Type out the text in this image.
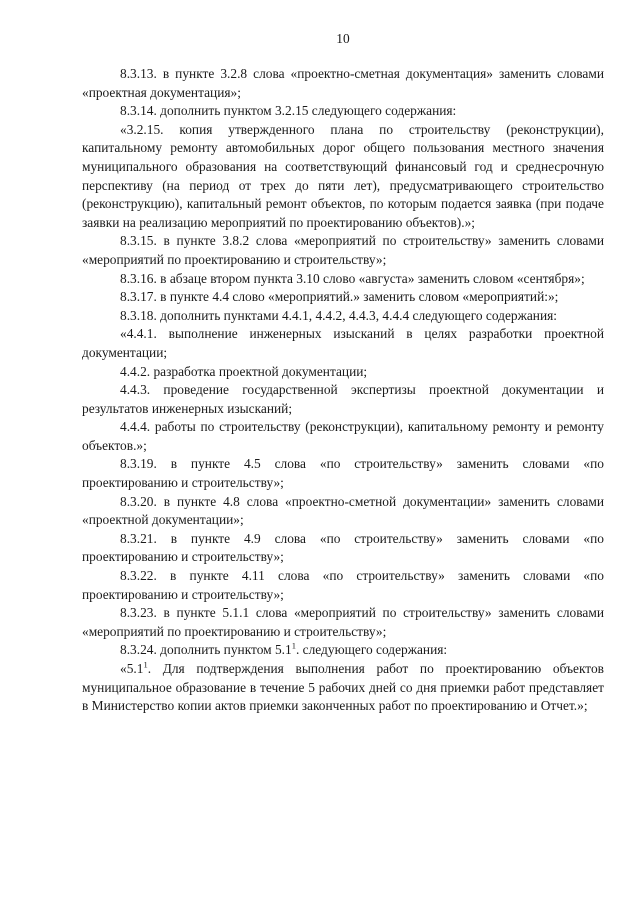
10

8.3.13. в пункте 3.2.8 слова «проектно-сметная документация» заменить словами «проектная документация»;

8.3.14. дополнить пунктом 3.2.15 следующего содержания:

«3.2.15. копия утвержденного плана по строительству (реконструкции), капитальному ремонту автомобильных дорог общего пользования местного значения муниципального образования на соответствующий финансовый год и среднесрочную перспективу (на период от трех до пяти лет), предусматривающего строительство (реконструкцию), капитальный ремонт объектов, по которым подается заявка (при подаче заявки на реализацию мероприятий по проектированию объектов).»;

8.3.15. в пункте 3.8.2 слова «мероприятий по строительству» заменить словами «мероприятий по проектированию и строительству»;

8.3.16. в абзаце втором пункта 3.10 слово «августа» заменить словом «сентября»;

8.3.17. в пункте 4.4 слово «мероприятий.» заменить словом «мероприятий:»;

8.3.18. дополнить пунктами 4.4.1, 4.4.2, 4.4.3, 4.4.4 следующего содержания:

«4.4.1. выполнение инженерных изысканий в целях разработки проектной документации;

4.4.2. разработка проектной документации;

4.4.3. проведение государственной экспертизы проектной документации и результатов инженерных изысканий;

4.4.4. работы по строительству (реконструкции), капитальному ремонту и ремонту объектов.»;

8.3.19. в пункте 4.5 слова «по строительству» заменить словами «по проектированию и строительству»;

8.3.20. в пункте 4.8 слова «проектно-сметной документации» заменить словами «проектной документации»;

8.3.21. в пункте 4.9 слова «по строительству» заменить словами «по проектированию и строительству»;

8.3.22. в пункте 4.11 слова «по строительству» заменить словами «по проектированию и строительству»;

8.3.23. в пункте 5.1.1 слова «мероприятий по строительству» заменить словами «мероприятий по проектированию и строительству»;

8.3.24. дополнить пунктом $5.1^1$. следующего содержания:

«$5.1^1$. Для подтверждения выполнения работ по проектированию объектов муниципальное образование в течение 5 рабочих дней со дня приемки работ представляет в Министерство копии актов приемки законченных работ по проектированию и Отчет.»;
